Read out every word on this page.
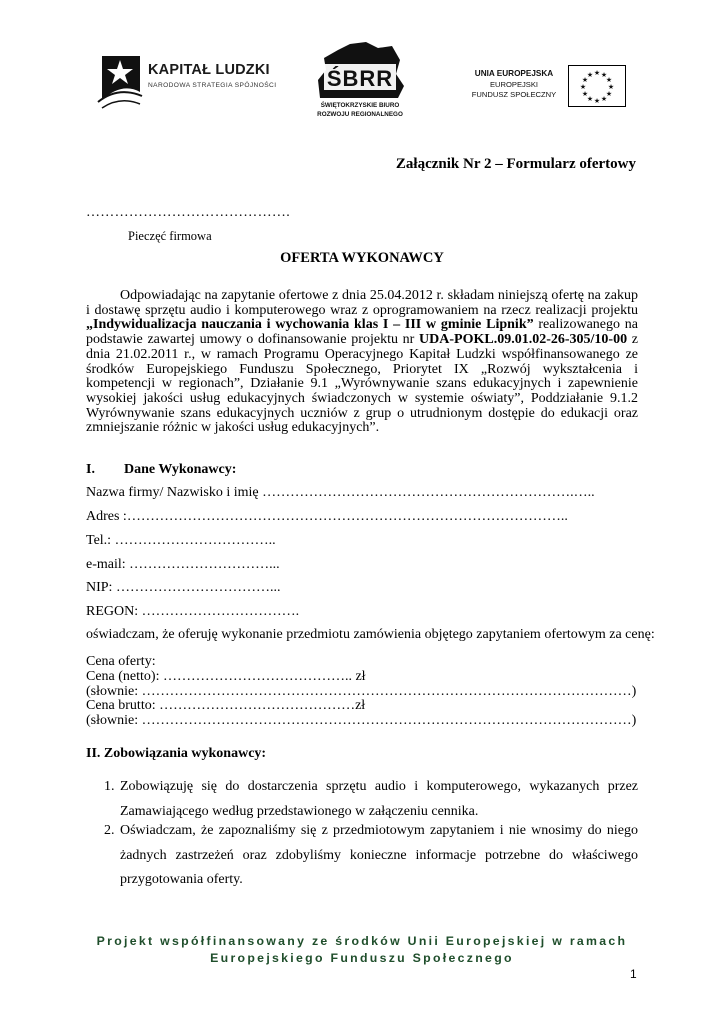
KAPITAŁ LUDZKI
NARODOWA STRATEGIA SPÓJNOŚCI ŚBRR
ŚWIĘTOKRZYSKIE BIURO
ROZWOJU REGIONALNEGO
UNIA EUROPEJSKA
EUROPEJSKI
FUNDUSZ SPOŁECZNY
★ ★
★
★
★
★
★
★
★
★
★
★
Załącznik Nr 2 – Formularz ofertowy
…………………………………….
Pieczęć firmowa
OFERTA WYKONAWCY
Odpowiadając na zapytanie ofertowe z dnia 25.04.2012 r. składam niniejszą ofertę na zakup i dostawę sprzętu audio i komputerowego wraz z oprogramowaniem na rzecz realizacji projektu „Indywidualizacja nauczania i wychowania klas I – III w gminie Lipnik” realizowanego na podstawie zawartej umowy o dofinansowanie projektu nr UDA-POKL.09.01.02-26-305/10-00 z dnia 21.02.2011 r., w ramach Programu Operacyjnego Kapitał Ludzki współfinansowanego ze środków Europejskiego Funduszu Społecznego, Priorytet IX „Rozwój wykształcenia i kompetencji w regionach”, Działanie 9.1 „Wyrównywanie szans edukacyjnych i zapewnienie wysokiej jakości usług edukacyjnych świadczonych w systemie oświaty”, Poddziałanie 9.1.2 Wyrównywanie szans edukacyjnych uczniów z grup o utrudnionym dostępie do edukacji oraz zmniejszanie różnic w jakości usług edukacyjnych”.
I. Dane Wykonawcy:
Nazwa firmy/ Nazwisko i imię ………………………………………………………….…..
Adres :…………………………………………………………………………………..
Tel.: ……………………………..
e-mail: …………………………...
NIP: ……………………………...
REGON: …………………………….
oświadczam, że oferuję wykonanie przedmiotu zamówienia objętego zapytaniem ofertowym za cenę:
Cena oferty:
Cena (netto): ………………………………….. zł
(słownie: ……………………………………………………………………………………………)
Cena brutto: ……………………………………zł
(słownie: ……………………………………………………………………………………………)
II. Zobowiązania wykonawcy:
1. Zobowiązuję się do dostarczenia sprzętu audio i komputerowego, wykazanych przez Zamawiającego według przedstawionego w załączeniu cennika.
2. Oświadczam, że zapoznaliśmy się z przedmiotowym zapytaniem i nie wnosimy do niego żadnych zastrzeżeń oraz zdobyliśmy konieczne informacje potrzebne do właściwego przygotowania oferty.
Projekt współfinansowany ze środków Unii Europejskiej w ramach
Europejskiego Funduszu Społecznego
1
